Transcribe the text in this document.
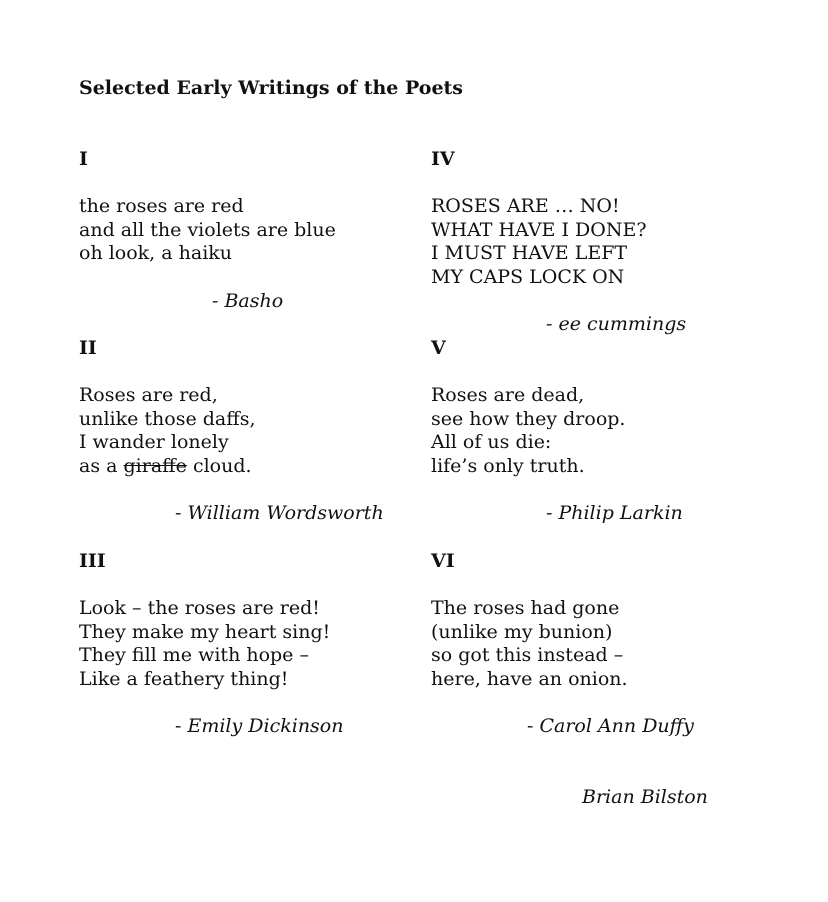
Selected Early Writings of the Poets
I
the roses are red
and all the violets are blue
oh look, a haiku
- Basho
II
Roses are red,
unlike those daffs,
I wander lonely
as a giraffe cloud.
- William Wordsworth
III
Look – the roses are red!
They make my heart sing!
They fill me with hope –
Like a feathery thing!
- Emily Dickinson
IV
ROSES ARE … NO!
WHAT HAVE I DONE?
I MUST HAVE LEFT
MY CAPS LOCK ON
- ee cummings
V
Roses are dead,
see how they droop.
All of us die:
life’s only truth.
- Philip Larkin
VI
The roses had gone
(unlike my bunion)
so got this instead –
here, have an onion.
- Carol Ann Duffy
Brian Bilston
